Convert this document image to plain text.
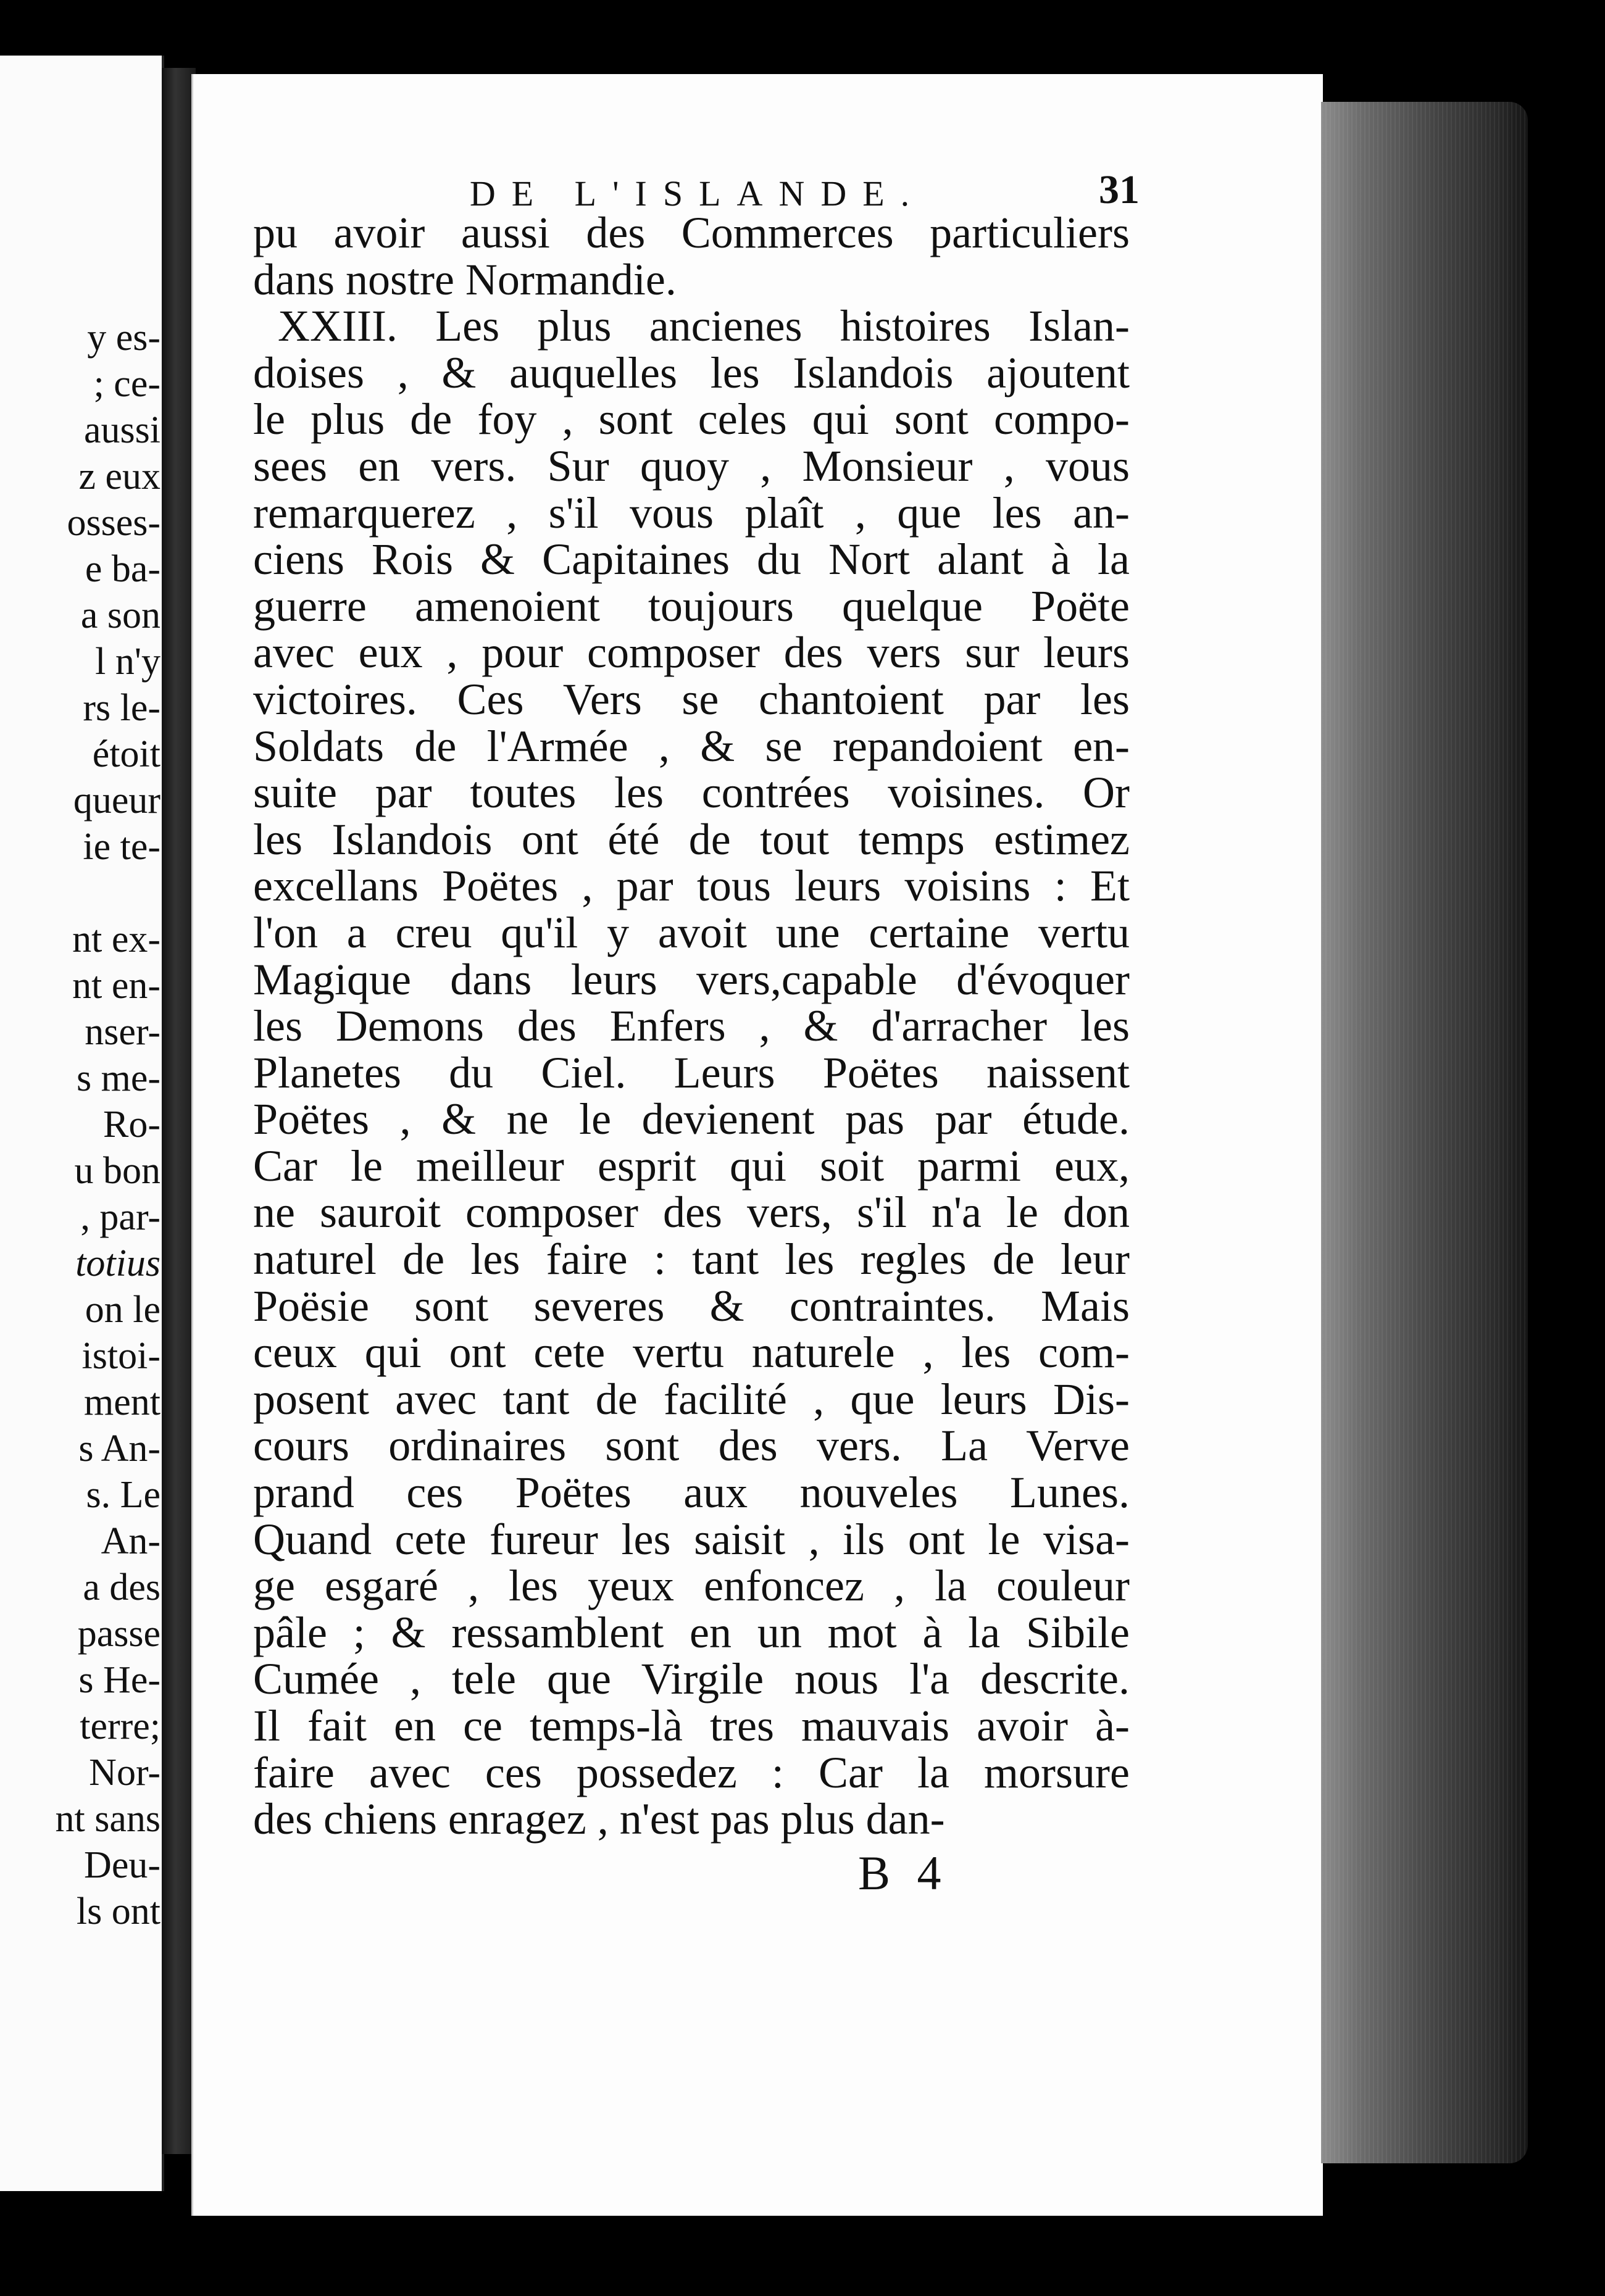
y es-
; ce-
aussi
z eux
osses-
e ba-
a son
l n'y
rs le-
étoit
queur
ie te-
nt ex-
nt en-
nser-
s me-
Ro-
u bon
, par-
totius
on le
istoi-
ment
s An-
s. Le
An-
a des
passe
s He-
terre;
Nor-
nt sans
Deu-
ls ont
DE L'ISLANDE.	31
pu avoir aussi des Commerces particuliers
dans nostre Normandie.
XXIII. Les plus ancienes histoires Islan-
doises , & auquelles les Islandois ajoutent
le plus de foy , sont celes qui sont compo-
sees en vers. Sur quoy , Monsieur , vous
remarquerez , s'il vous plaît , que les an-
ciens Rois & Capitaines du Nort alant à la
guerre amenoient toujours quelque Poëte
avec eux , pour composer des vers sur leurs
victoires. Ces Vers se chantoient par les
Soldats de l'Armée , & se repandoient en-
suite par toutes les contrées voisines. Or
les Islandois ont été de tout temps estimez
excellans Poëtes , par tous leurs voisins : Et
l'on a creu qu'il y avoit une certaine vertu
Magique dans leurs vers,capable d'évoquer
les Demons des Enfers , & d'arracher les
Planetes du Ciel. Leurs Poëtes naissent
Poëtes , & ne le devienent pas par étude.
Car le meilleur esprit qui soit parmi eux,
ne sauroit composer des vers, s'il n'a le don
naturel de les faire : tant les regles de leur
Poësie sont severes & contraintes. Mais
ceux qui ont cete vertu naturele , les com-
posent avec tant de facilité , que leurs Dis-
cours ordinaires sont des vers. La Verve
prand ces Poëtes aux nouveles Lunes.
Quand cete fureur les saisit , ils ont le visa-
ge esgaré , les yeux enfoncez , la couleur
pâle ; & ressamblent en un mot à la Sibile
Cumée , tele que Virgile nous l'a descrite.
Il fait en ce temps-là tres mauvais avoir à-
faire avec ces possedez : Car la morsure
des chiens enragez , n'est pas plus dan-
B 4
